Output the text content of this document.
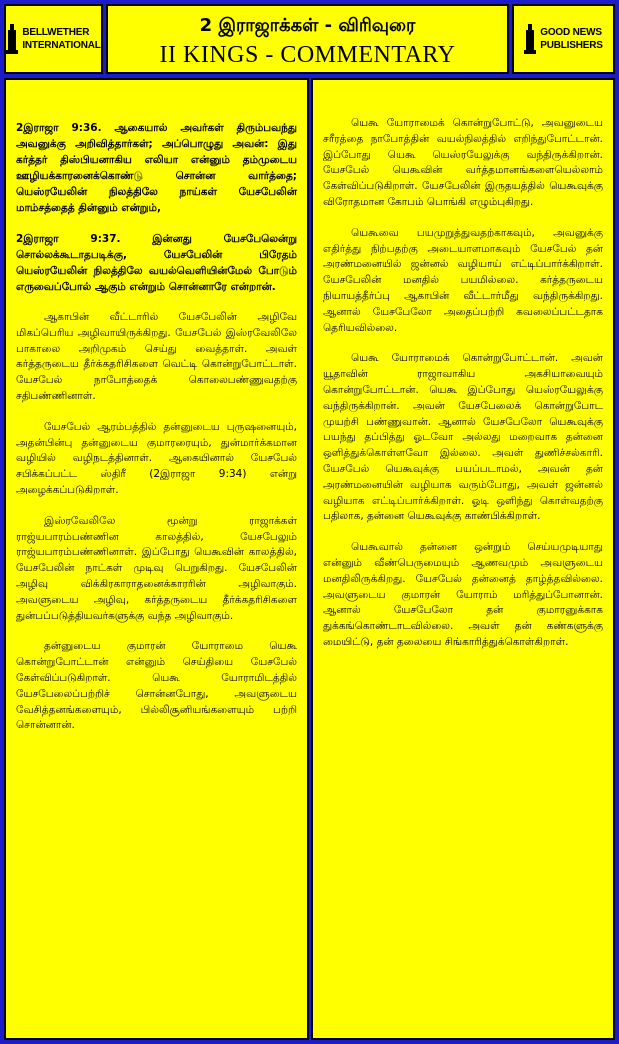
BELLWETHER
INTERNATIONAL
2 இராஜாக்கள் - விரிவுரை
II KINGS - COMMENTARY
GOOD NEWS
PUBLISHERS

2இராஜா 9:36. ஆகையால் அவர்கள் திரும்பவந்து அவனுக்கு அறிவித்தார்கள்; அப்பொழுது அவன்: இது கர்த்தர் திஸ்பியனாகிய எலியா என்னும் தம்முடைய ஊழியக்காரனைக்கொண்டு சொன்ன வார்த்தை; யெஸ்ரயேலின் நிலத்திலே நாய்கள் யேசபேலின் மாம்சத்தைத் தின்னும் என்றும்,

2இராஜா 9:37. இன்னது யேசபேலென்று சொல்லக்கூடாதபடிக்கு, யேசபேலின் பிரேதம் யெஸ்ரயேலின் நிலத்திலே வயல்வெளியின்மேல் போடும் எருவைப்போல் ஆகும் என்றும் சொன்னாரே என்றான்.

ஆகாபின் வீட்டாரில் யேசபேலின் அழிவே மிகப்பெரிய அழிவாயிருக்கிறது. யேசபேல் இஸ்ரவேலிலே பாகாலை அறிமுகம் செய்து வைத்தாள். அவள் கர்த்தருடைய தீர்க்கதரிசிகளை வெட்டி கொன்றுபோட்டாள். யேசபேல் நாபோத்தைக் கொலைபண்ணுவதற்கு சதிபண்ணினாள்.

யேசபேல் ஆரம்பத்தில் தன்னுடைய புருஷனையும், அதன்பின்பு தன்னுடைய குமாரரையும், துன்மார்க்கமான வழியில் வழிநடத்தினாள். ஆகையினால் யேசபேல் சபிக்கப்பட்ட ஸ்திரீ (2இராஜா 9:34) என்று அழைக்கப்படுகிறாள்.

இஸ்ரவேலிலே மூன்று ராஜாக்கள் ராஜ்யபாரம்பண்ணின காலத்தில், யேசபேலும் ராஜ்யபாரம்பண்ணினாள். இப்போது யெகூவின் காலத்தில், யேசபேலின் நாட்கள் முடிவு பெறுகிறது. யேசபேலின் அழிவு விக்கிரகாராதனைக்காரரின் அழிவாகும். அவளுடைய அழிவு, கர்த்தருடைய தீர்க்கதரிசிகளை துன்பப்படுத்தியவர்களுக்கு வந்த அழிவாகும்.

தன்னுடைய குமாரன் யோராமை யெகூ கொன்றுபோட்டான் என்னும் செய்தியை யேசபேல் கேள்விப்படுகிறாள். யெகூ யோராமிடத்தில் யேசபேலைப்பற்றிச் சொன்னபோது, அவளுடைய வேசித்தனங்களையும், பில்லிசூனியங்களையும் பற்றி சொன்னான்.

யெகூ யோராமைக் கொன்றுபோட்டு, அவனுடைய சரீரத்தை நாபோத்தின் வயல்நிலத்தில் எறிந்துபோட்டான். இப்போது யெகூ யெஸ்ரயேலுக்கு வந்திருக்கிறான். யேசபேல் யெகூவின் வர்த்தமானங்களையெல்லாம் கேள்விப்படுகிறாள். யேசபேலின் இருதயத்தில் யெகூவுக்கு விரோதமான கோபம் பொங்கி எழும்புகிறது.

யெகூவை பயமுறுத்துவதற்காகவும், அவனுக்கு எதிர்த்து நிற்பதற்கு அடையாளமாகவும் யேசபேல் தன் அரண்மனையில் ஜன்னல் வழியாய் எட்டிப்பார்க்கிறாள். யேசபேலின் மனதில் பயமில்லை. கர்த்தருடைய நியாயத்தீர்ப்பு ஆகாபின் வீட்டார்மீது வந்திருக்கிறது. ஆனால் யேசபேலோ அதைப்பற்றி கவலைப்பட்டதாக தெரியவில்லை.

யெகூ யோராமைக் கொன்றுபோட்டான். அவன் யூதாவின் ராஜாவாகிய அகசியாவையும் கொன்றுபோட்டான். யெகூ இப்போது யெஸ்ரயேலுக்கு வந்திருக்கிறான். அவன் யேசபேலைக் கொன்றுபோட முயற்சி பண்ணுவான். ஆனால் யேசபேலோ யெகூவுக்கு பயந்து தப்பித்து ஓடவோ அல்லது மறைவாக தன்னை ஒளித்துக்கொள்ளவோ இல்லை. அவள் துணிச்சல்காரி. யேசபேல் யெகூவுக்கு பயப்படாமல், அவன் தன் அரண்மனையின் வழியாக வரும்போது, அவள் ஜன்னல் வழியாக எட்டிப்பார்க்கிறாள். ஓடி ஒளிந்து கொள்வதற்கு பதிலாக, தன்னை யெகூவுக்கு காண்பிக்கிறாள்.

யெகூவால் தன்னை ஒன்றும் செய்யமுடியாது என்னும் வீண்பெருமையும் ஆணவமும் அவளுடைய மனதிலிருக்கிறது. யேசபேல் தன்னைத் தாழ்த்தவில்லை. அவளுடைய குமாரன் யோராம் மரித்துப்போனான். ஆனால் யேசபேலோ தன் குமாரனுக்காக துக்கங்கொண்டாடவில்லை. அவள் தன் கண்களுக்கு மையிட்டு, தன் தலையை சிங்காரித்துக்கொள்கிறாள்.
